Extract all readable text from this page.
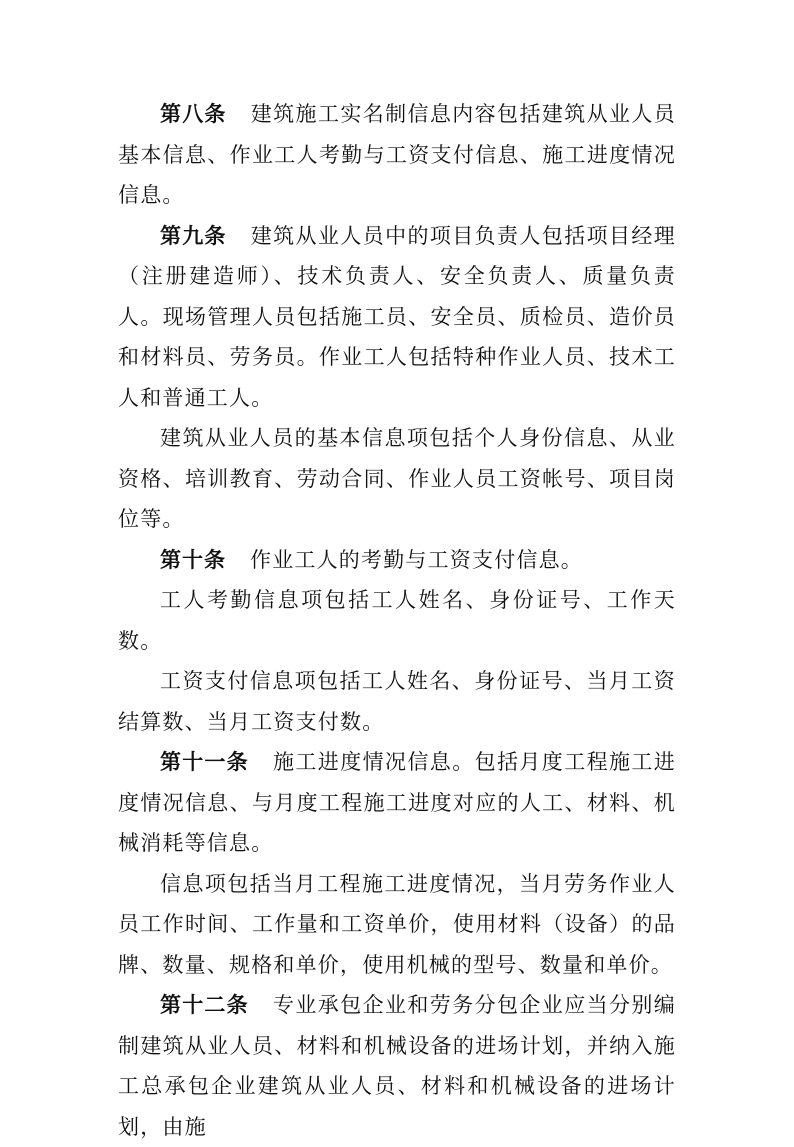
第八条 建筑施工实名制信息内容包括建筑从业人员基本信息、作业工人考勤与工资支付信息、施工进度情况信息。

第九条 建筑从业人员中的项目负责人包括项目经理（注册建造师）、技术负责人、安全负责人、质量负责人。现场管理人员包括施工员、安全员、质检员、造价员和材料员、劳务员。作业工人包括特种作业人员、技术工人和普通工人。

建筑从业人员的基本信息项包括个人身份信息、从业资格、培训教育、劳动合同、作业人员工资帐号、项目岗位等。

第十条 作业工人的考勤与工资支付信息。

工人考勤信息项包括工人姓名、身份证号、工作天数。

工资支付信息项包括工人姓名、身份证号、当月工资结算数、当月工资支付数。

第十一条 施工进度情况信息。包括月度工程施工进度情况信息、与月度工程施工进度对应的人工、材料、机械消耗等信息。

信息项包括当月工程施工进度情况，当月劳务作业人员工作时间、工作量和工资单价，使用材料（设备）的品牌、数量、规格和单价，使用机械的型号、数量和单价。

第十二条 专业承包企业和劳务分包企业应当分别编制建筑从业人员、材料和机械设备的进场计划，并纳入施工总承包企业建筑从业人员、材料和机械设备的进场计划，由施
